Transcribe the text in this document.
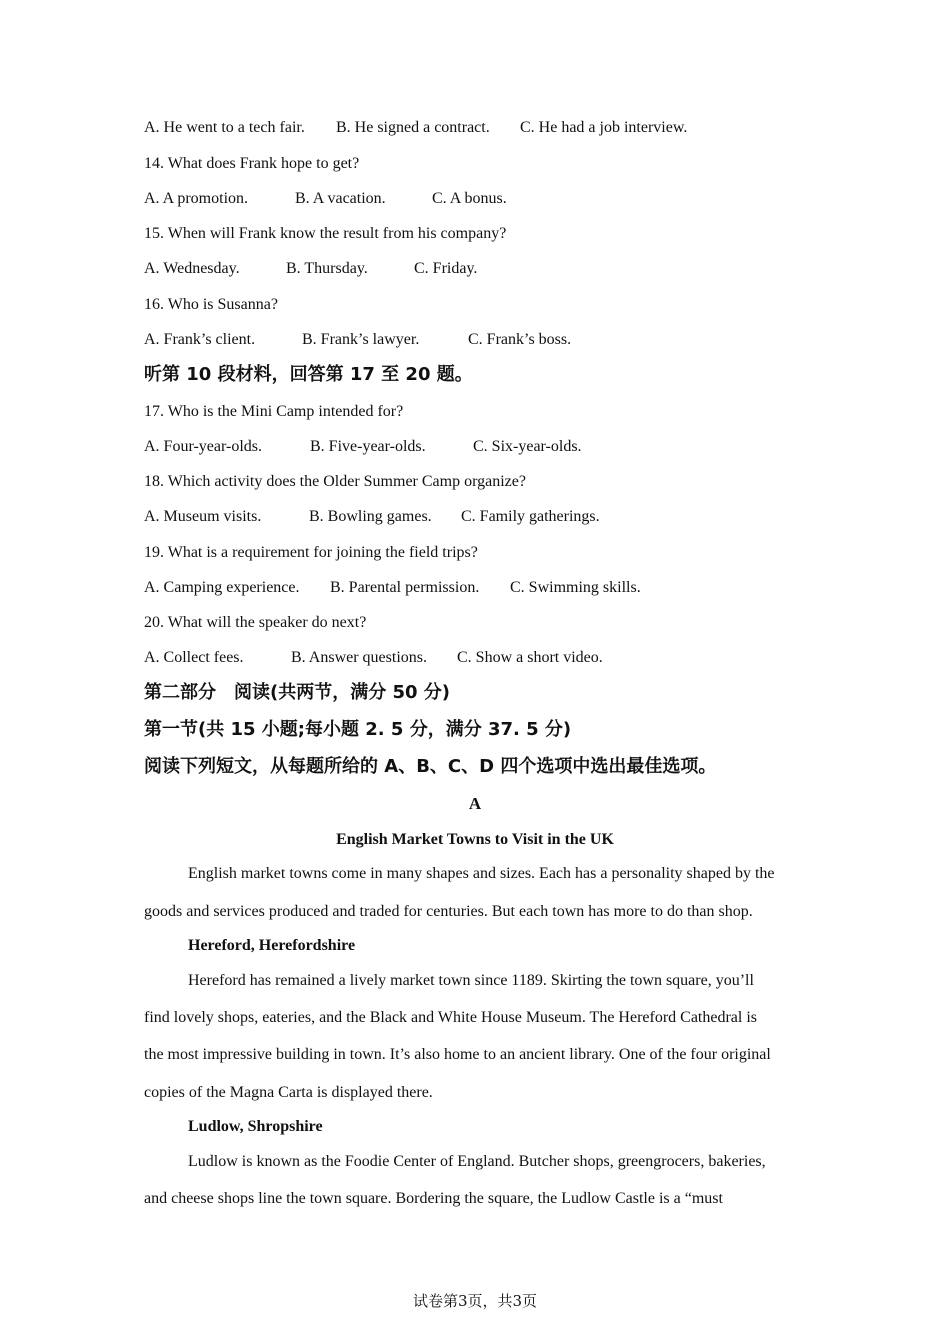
A. He went to a tech fair. B. He signed a contract. C. He had a job interview.
14. What does Frank hope to get?
A. A promotion.	B. A vacation.	C. A bonus.
15. When will Frank know the result from his company?
A. Wednesday.	B. Thursday.	C. Friday.
16. Who is Susanna?
A. Frank’s client.	B. Frank’s lawyer.	C. Frank’s boss.
听第 10 段材料，回答第 17 至 20 题。
17. Who is the Mini Camp intended for?
A. Four-year-olds.	B. Five-year-olds.	C. Six-year-olds.
18. Which activity does the Older Summer Camp organize?
A. Museum visits.	B. Bowling games. C. Family gatherings.
19. What is a requirement for joining the field trips?
A. Camping experience. B. Parental permission. C. Swimming skills.
20. What will the speaker do next?
A. Collect fees.	B. Answer questions. C. Show a short video.
第二部分　阅读(共两节，满分 50 分)
第一节(共 15 小题;每小题 2. 5 分，满分 37. 5 分)
阅读下列短文，从每题所给的 A、B、C、D 四个选项中选出最佳选项。
A
English Market Towns to Visit in the UK
English market towns come in many shapes and sizes. Each has a personality shaped by the
goods and services produced and traded for centuries. But each town has more to do than shop.
Hereford, Herefordshire
Hereford has remained a lively market town since 1189. Skirting the town square, you’ll
find lovely shops, eateries, and the Black and White House Museum. The Hereford Cathedral is
the most impressive building in town. It’s also home to an ancient library. One of the four original
copies of the Magna Carta is displayed there.
Ludlow, Shropshire
Ludlow is known as the Foodie Center of England. Butcher shops, greengrocers, bakeries,
and cheese shops line the town square. Bordering the square, the Ludlow Castle is a “must
试卷第3页，共3页
